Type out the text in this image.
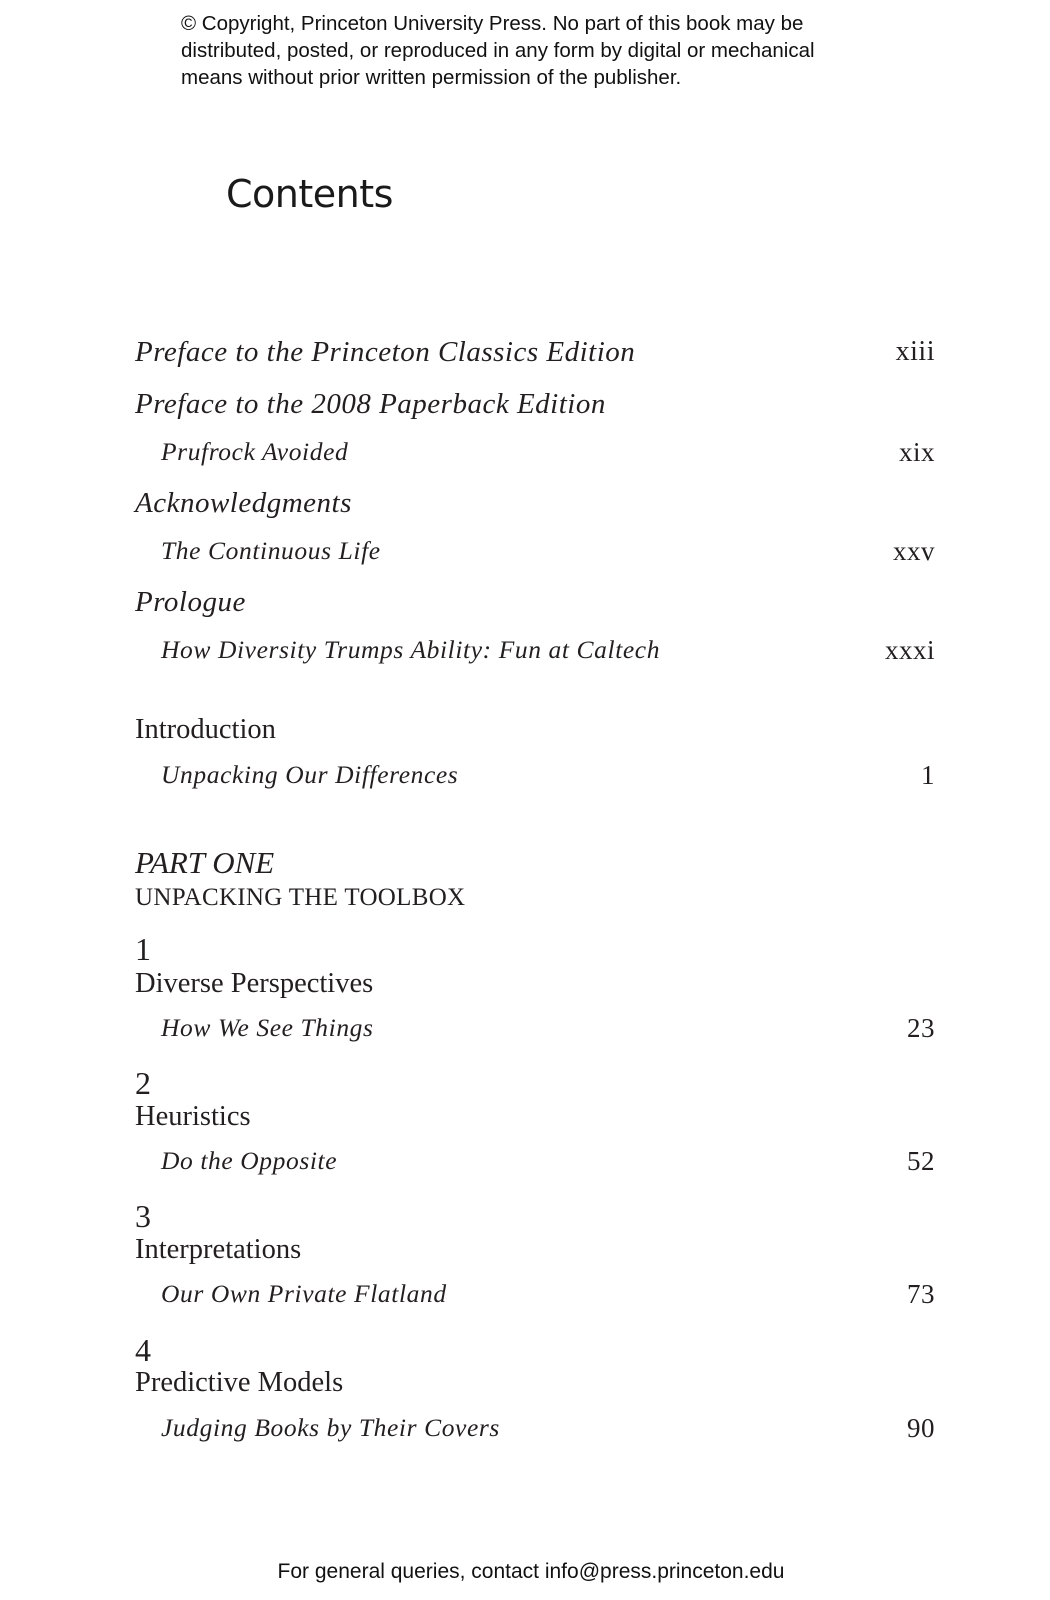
© Copyright, Princeton University Press. No part of this book may be
distributed, posted, or reproduced in any form by digital or mechanical
means without prior written permission of the publisher.
Contents
Preface to the Princeton Classics Edition	xiii
Preface to the 2008 Paperback Edition
Prufrock Avoided	xix
Acknowledgments
The Continuous Life	xxv
Prologue
How Diversity Trumps Ability: Fun at Caltech	xxxi
Introduction
Unpacking Our Differences	1
PART ONE
UNPACKING THE TOOLBOX
1
Diverse Perspectives
How We See Things	23
2
Heuristics
Do the Opposite	52
3
Interpretations
Our Own Private Flatland	73
4
Predictive Models
Judging Books by Their Covers	90
For general queries, contact info@press.princeton.edu
